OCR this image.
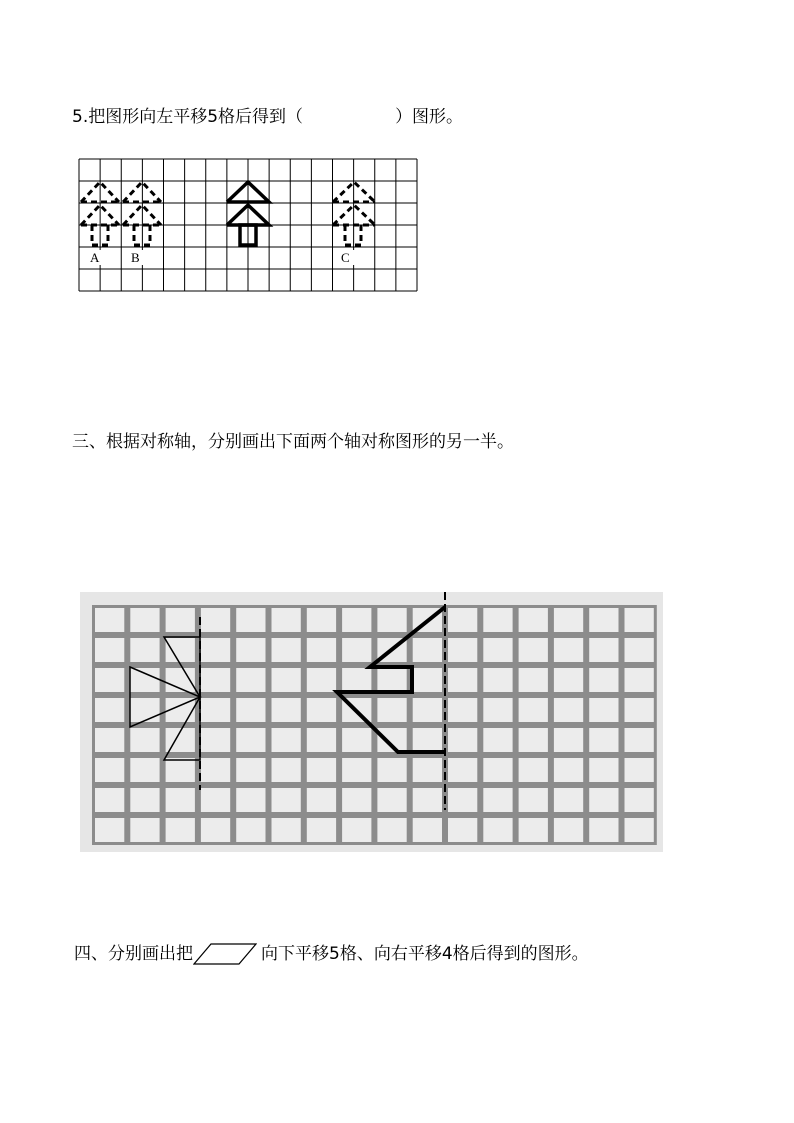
5.把图形向左平移5格后得到（	）图形。
A B	C
三、根据对称轴，分别画出下面两个轴对称图形的另一半。
四、分别画出把	向下平移5格、向右平移4格后得到的图形。
